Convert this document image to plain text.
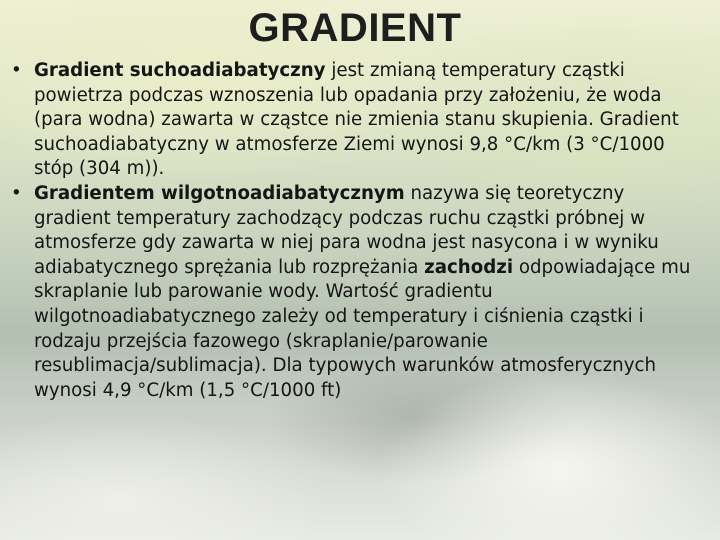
GRADIENT

• Gradient suchoadiabatyczny jest zmianą temperatury cząstki powietrza podczas wznoszenia lub opadania przy założeniu, że woda (para wodna) zawarta w cząstce nie zmienia stanu skupienia. Gradient suchoadiabatyczny w atmosferze Ziemi wynosi 9,8 °C/km (3 °C/1000 stóp (304 m)).

• Gradientem wilgotnoadiabatycznym nazywa się teoretyczny gradient temperatury zachodzący podczas ruchu cząstki próbnej w atmosferze gdy zawarta w niej para wodna jest nasycona i w wyniku adiabatycznego sprężania lub rozprężania zachodzi odpowiadające mu skraplanie lub parowanie wody. Wartość gradientu wilgotnoadiabatycznego zależy od temperatury i ciśnienia cząstki i rodzaju przejścia fazowego (skraplanie/parowanie resublimacja/sublimacja). Dla typowych warunków atmosferycznych wynosi 4,9 °C/km (1,5 °C/1000 ft)
